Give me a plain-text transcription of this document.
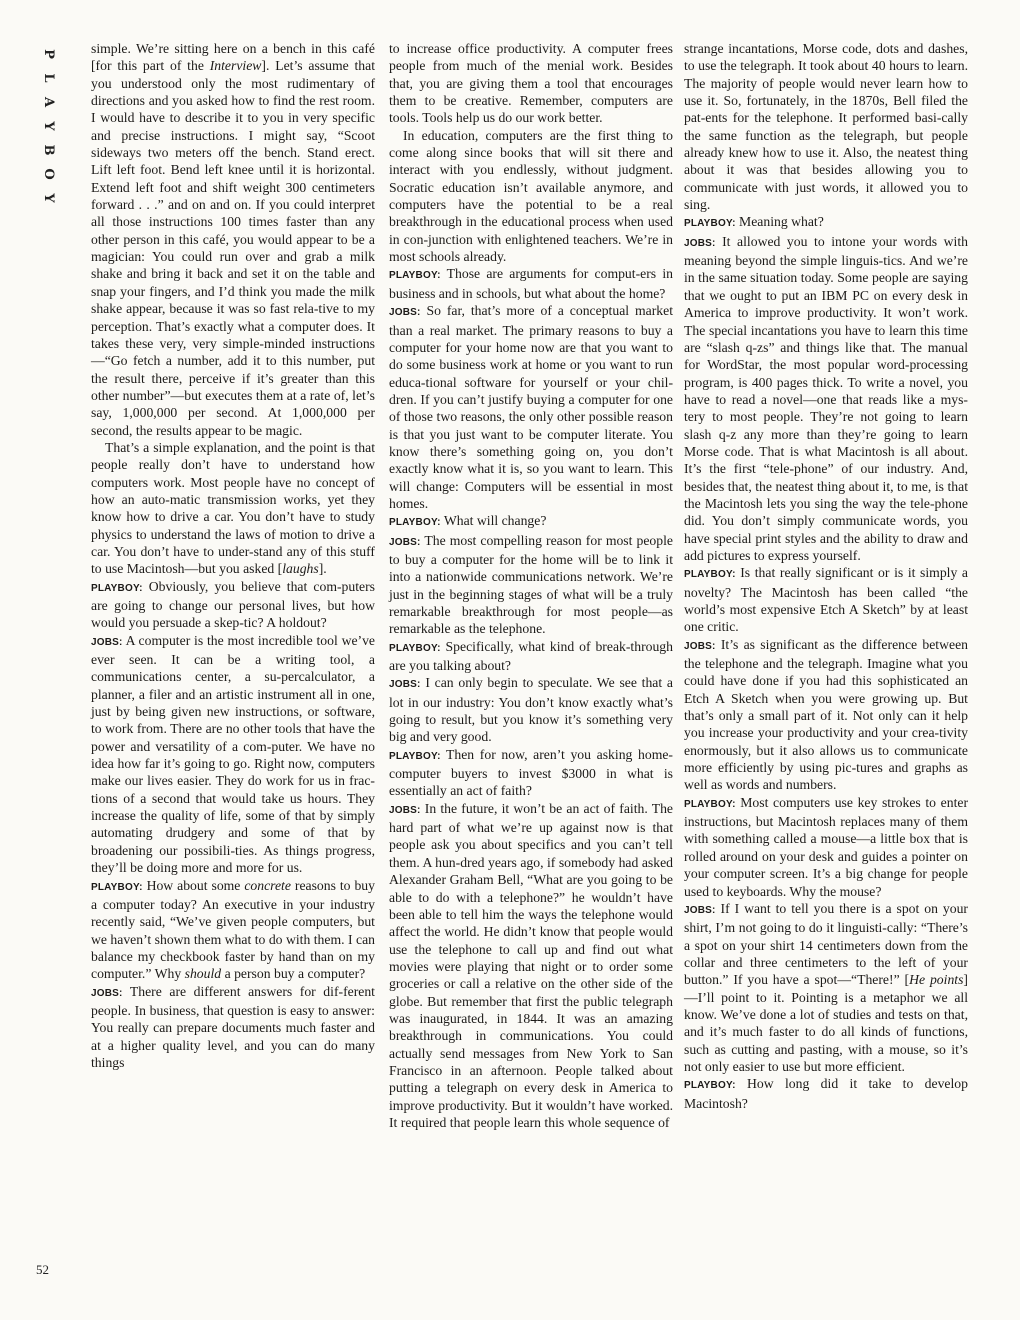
P
L
A
Y
B
O
Y
52

simple. We’re sitting here on a bench in this café [for this part of the Interview]. Let’s assume that you understood only the most rudimentary of directions and you asked how to find the rest room. I would have to describe it to you in very specific and precise instructions. I might say, “Scoot sideways two meters off the bench. Stand erect. Lift left foot. Bend left knee until it is horizontal. Extend left foot and shift weight 300 centimeters forward . . .” and on and on. If you could interpret all those instructions 100 times faster than any other person in this café, you would appear to be a magician: You could run over and grab a milk shake and bring it back and set it on the table and snap your fingers, and I’d think you made the milk shake appear, because it was so fast rela-tive to my perception. That’s exactly what a computer does. It takes these very, very simple-minded instructions—“Go fetch a number, add it to this number, put the result there, perceive if it’s greater than this other number”—but executes them at a rate of, let’s say, 1,000,000 per second. At 1,000,000 per second, the results appear to be magic.

That’s a simple explanation, and the point is that people really don’t have to understand how computers work. Most people have no concept of how an auto-matic transmission works, yet they know how to drive a car. You don’t have to study physics to understand the laws of motion to drive a car. You don’t have to under-stand any of this stuff to use Macintosh—but you asked [laughs].

PLAYBOY: Obviously, you believe that com-puters are going to change our personal lives, but how would you persuade a skep-tic? A holdout?

JOBS: A computer is the most incredible tool we’ve ever seen. It can be a writing tool, a communications center, a su-percalculator, a planner, a filer and an artistic instrument all in one, just by being given new instructions, or software, to work from. There are no other tools that have the power and versatility of a com-puter. We have no idea how far it’s going to go. Right now, computers make our lives easier. They do work for us in frac-tions of a second that would take us hours. They increase the quality of life, some of that by simply automating drudgery and some of that by broadening our possibili-ties. As things progress, they’ll be doing more and more for us.

PLAYBOY: How about some concrete reasons to buy a computer today? An executive in your industry recently said, “We’ve given people computers, but we haven’t shown them what to do with them. I can balance my checkbook faster by hand than on my computer.” Why should a person buy a computer?

JOBS: There are different answers for dif-ferent people. In business, that question is easy to answer: You really can prepare documents much faster and at a higher quality level, and you can do many things

to increase office productivity. A computer frees people from much of the menial work. Besides that, you are giving them a tool that encourages them to be creative. Remember, computers are tools. Tools help us do our work better.

In education, computers are the first thing to come along since books that will sit there and interact with you endlessly, without judgment. Socratic education isn’t available anymore, and computers have the potential to be a real breakthrough in the educational process when used in con-junction with enlightened teachers. We’re in most schools already.

PLAYBOY: Those are arguments for comput-ers in business and in schools, but what about the home?

JOBS: So far, that’s more of a conceptual market than a real market. The primary reasons to buy a computer for your home now are that you want to do some business work at home or you want to run educa-tional software for yourself or your chil-dren. If you can’t justify buying a computer for one of those two reasons, the only other possible reason is that you just want to be computer literate. You know there’s something going on, you don’t exactly know what it is, so you want to learn. This will change: Computers will be essential in most homes.

PLAYBOY: What will change?

JOBS: The most compelling reason for most people to buy a computer for the home will be to link it into a nationwide communications network. We’re just in the beginning stages of what will be a truly remarkable breakthrough for most people—as remarkable as the telephone.

PLAYBOY: Specifically, what kind of break-through are you talking about?

JOBS: I can only begin to speculate. We see that a lot in our industry: You don’t know exactly what’s going to result, but you know it’s something very big and very good.

PLAYBOY: Then for now, aren’t you asking home-computer buyers to invest $3000 in what is essentially an act of faith?

JOBS: In the future, it won’t be an act of faith. The hard part of what we’re up against now is that people ask you about specifics and you can’t tell them. A hun-dred years ago, if somebody had asked Alexander Graham Bell, “What are you going to be able to do with a telephone?” he wouldn’t have been able to tell him the ways the telephone would affect the world. He didn’t know that people would use the telephone to call up and find out what movies were playing that night or to order some groceries or call a relative on the other side of the globe. But remember that first the public telegraph was inaugurated, in 1844. It was an amazing breakthrough in communications. You could actually send messages from New York to San Francisco in an afternoon. People talked about putting a telegraph on every desk in America to improve productivity. But it wouldn’t have worked. It required that people learn this whole sequence of

strange incantations, Morse code, dots and dashes, to use the telegraph. It took about 40 hours to learn. The majority of people would never learn how to use it. So, fortunately, in the 1870s, Bell filed the pat-ents for the telephone. It performed basi-cally the same function as the telegraph, but people already knew how to use it. Also, the neatest thing about it was that besides allowing you to communicate with just words, it allowed you to sing.

PLAYBOY: Meaning what?

JOBS: It allowed you to intone your words with meaning beyond the simple linguis-tics. And we’re in the same situation today. Some people are saying that we ought to put an IBM PC on every desk in America to improve productivity. It won’t work. The special incantations you have to learn this time are “slash q-zs” and things like that. The manual for WordStar, the most popular word-processing program, is 400 pages thick. To write a novel, you have to read a novel—one that reads like a mys-tery to most people. They’re not going to learn slash q-z any more than they’re going to learn Morse code. That is what Macintosh is all about. It’s the first “tele-phone” of our industry. And, besides that, the neatest thing about it, to me, is that the Macintosh lets you sing the way the tele-phone did. You don’t simply communicate words, you have special print styles and the ability to draw and add pictures to express yourself.

PLAYBOY: Is that really significant or is it simply a novelty? The Macintosh has been called “the world’s most expensive Etch A Sketch” by at least one critic.

JOBS: It’s as significant as the difference between the telephone and the telegraph. Imagine what you could have done if you had this sophisticated an Etch A Sketch when you were growing up. But that’s only a small part of it. Not only can it help you increase your productivity and your crea-tivity enormously, but it also allows us to communicate more efficiently by using pic-tures and graphs as well as words and numbers.

PLAYBOY: Most computers use key strokes to enter instructions, but Macintosh replaces many of them with something called a mouse—a little box that is rolled around on your desk and guides a pointer on your computer screen. It’s a big change for people used to keyboards. Why the mouse?

JOBS: If I want to tell you there is a spot on your shirt, I’m not going to do it linguisti-cally: “There’s a spot on your shirt 14 centimeters down from the collar and three centimeters to the left of your button.” If you have a spot—“There!” [He points]—I’ll point to it. Pointing is a metaphor we all know. We’ve done a lot of studies and tests on that, and it’s much faster to do all kinds of functions, such as cutting and pasting, with a mouse, so it’s not only easier to use but more efficient.

PLAYBOY: How long did it take to develop Macintosh?
